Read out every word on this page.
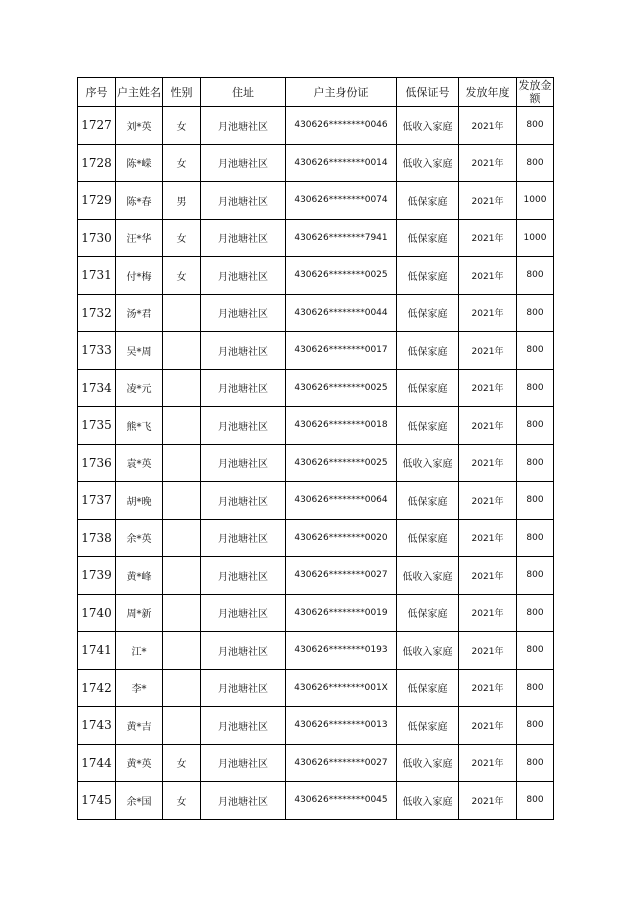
序号	户主姓名	性别	住址	户主身份证	低保证号	发放年度	发放金额
1727	刘*英	女	月池塘社区	430626********0046	低收入家庭	2021年	800
1728	陈*嵘	女	月池塘社区	430626********0014	低收入家庭	2021年	800
1729	陈*春	男	月池塘社区	430626********0074	低保家庭	2021年	1000
1730	汪*华	女	月池塘社区	430626********7941	低保家庭	2021年	1000
1731	付*梅	女	月池塘社区	430626********0025	低保家庭	2021年	800
1732	汤*君		月池塘社区	430626********0044	低保家庭	2021年	800
1733	吴*周		月池塘社区	430626********0017	低保家庭	2021年	800
1734	凌*元		月池塘社区	430626********0025	低保家庭	2021年	800
1735	熊*飞		月池塘社区	430626********0018	低保家庭	2021年	800
1736	袁*英		月池塘社区	430626********0025	低收入家庭	2021年	800
1737	胡*晚		月池塘社区	430626********0064	低保家庭	2021年	800
1738	余*英		月池塘社区	430626********0020	低保家庭	2021年	800
1739	黄*峰		月池塘社区	430626********0027	低收入家庭	2021年	800
1740	周*新		月池塘社区	430626********0019	低保家庭	2021年	800
1741	江*		月池塘社区	430626********0193	低收入家庭	2021年	800
1742	李*		月池塘社区	430626********001X	低保家庭	2021年	800
1743	黄*吉		月池塘社区	430626********0013	低保家庭	2021年	800
1744	黄*英	女	月池塘社区	430626********0027	低收入家庭	2021年	800
1745	余*国	女	月池塘社区	430626********0045	低收入家庭	2021年	800
